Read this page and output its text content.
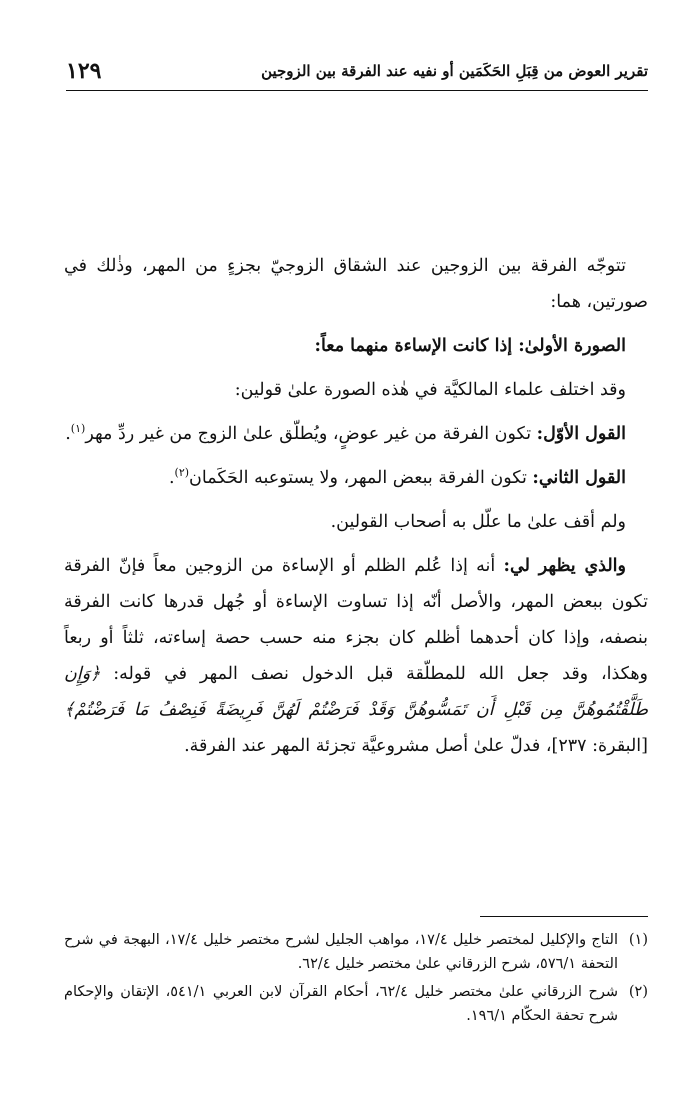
تقرير العوض من قِبَلِ الحَكَمَين أو نفيه عند الفرقة بين الزوجين
١٢٩

تتوجّه الفرقة بين الزوجين عند الشقاق الزوجيّ بجزءٍ من المهر، وذٰلك في صورتين، هما:

الصورة الأولىٰ: إذا كانت الإساءة منهما معاً:

وقد اختلف علماء المالكيَّة في هٰذه الصورة علىٰ قولين:

القول الأوّل: تكون الفرقة من غير عوضٍ، ويُطلّق علىٰ الزوج من غير ردِّ مهر$^{(١)}$.

القول الثاني: تكون الفرقة ببعض المهر، ولا يستوعبه الحَكَمان$^{(٢)}$.

ولم أقف علىٰ ما علّل به أصحاب القولين.

والذي يظهر لي: أنه إذا عُلم الظلم أو الإساءة من الزوجين معاً فإنّ الفرقة تكون ببعض المهر، والأصل أنّه إذا تساوت الإساءة أو جُهل قدرها كانت الفرقة بنصفه، وإذا كان أحدهما أظلم كان بجزء منه حسب حصة إساءته، ثلثاً أو ربعاً وهكذا، وقد جعل الله للمطلّقة قبل الدخول نصف المهر في قوله: ﴿وَإِن طَلَّقْتُمُوهُنَّ مِن قَبْلِ أَن تَمَسُّوهُنَّ وَقَدْ فَرَضْتُمْ لَهُنَّ فَرِيضَةً فَنِصْفُ مَا فَرَضْتُمْ﴾ [البقرة: ٢٣٧]، فدلّ علىٰ أصل مشروعيَّة تجزئة المهر عند الفرقة.

(١)
التاج والإكليل لمختصر خليل ١٧/٤، مواهب الجليل لشرح مختصر خليل ١٧/٤، البهجة في شرح التحفة ٥٧٦/١، شرح الزرقاني علىٰ مختصر خليل ٦٢/٤.
(٢)
شرح الزرقاني علىٰ مختصر خليل ٦٢/٤، أحكام القرآن لابن العربي ٥٤١/١، الإتقان والإحكام شرح تحفة الحكّام ١٩٦/١.
